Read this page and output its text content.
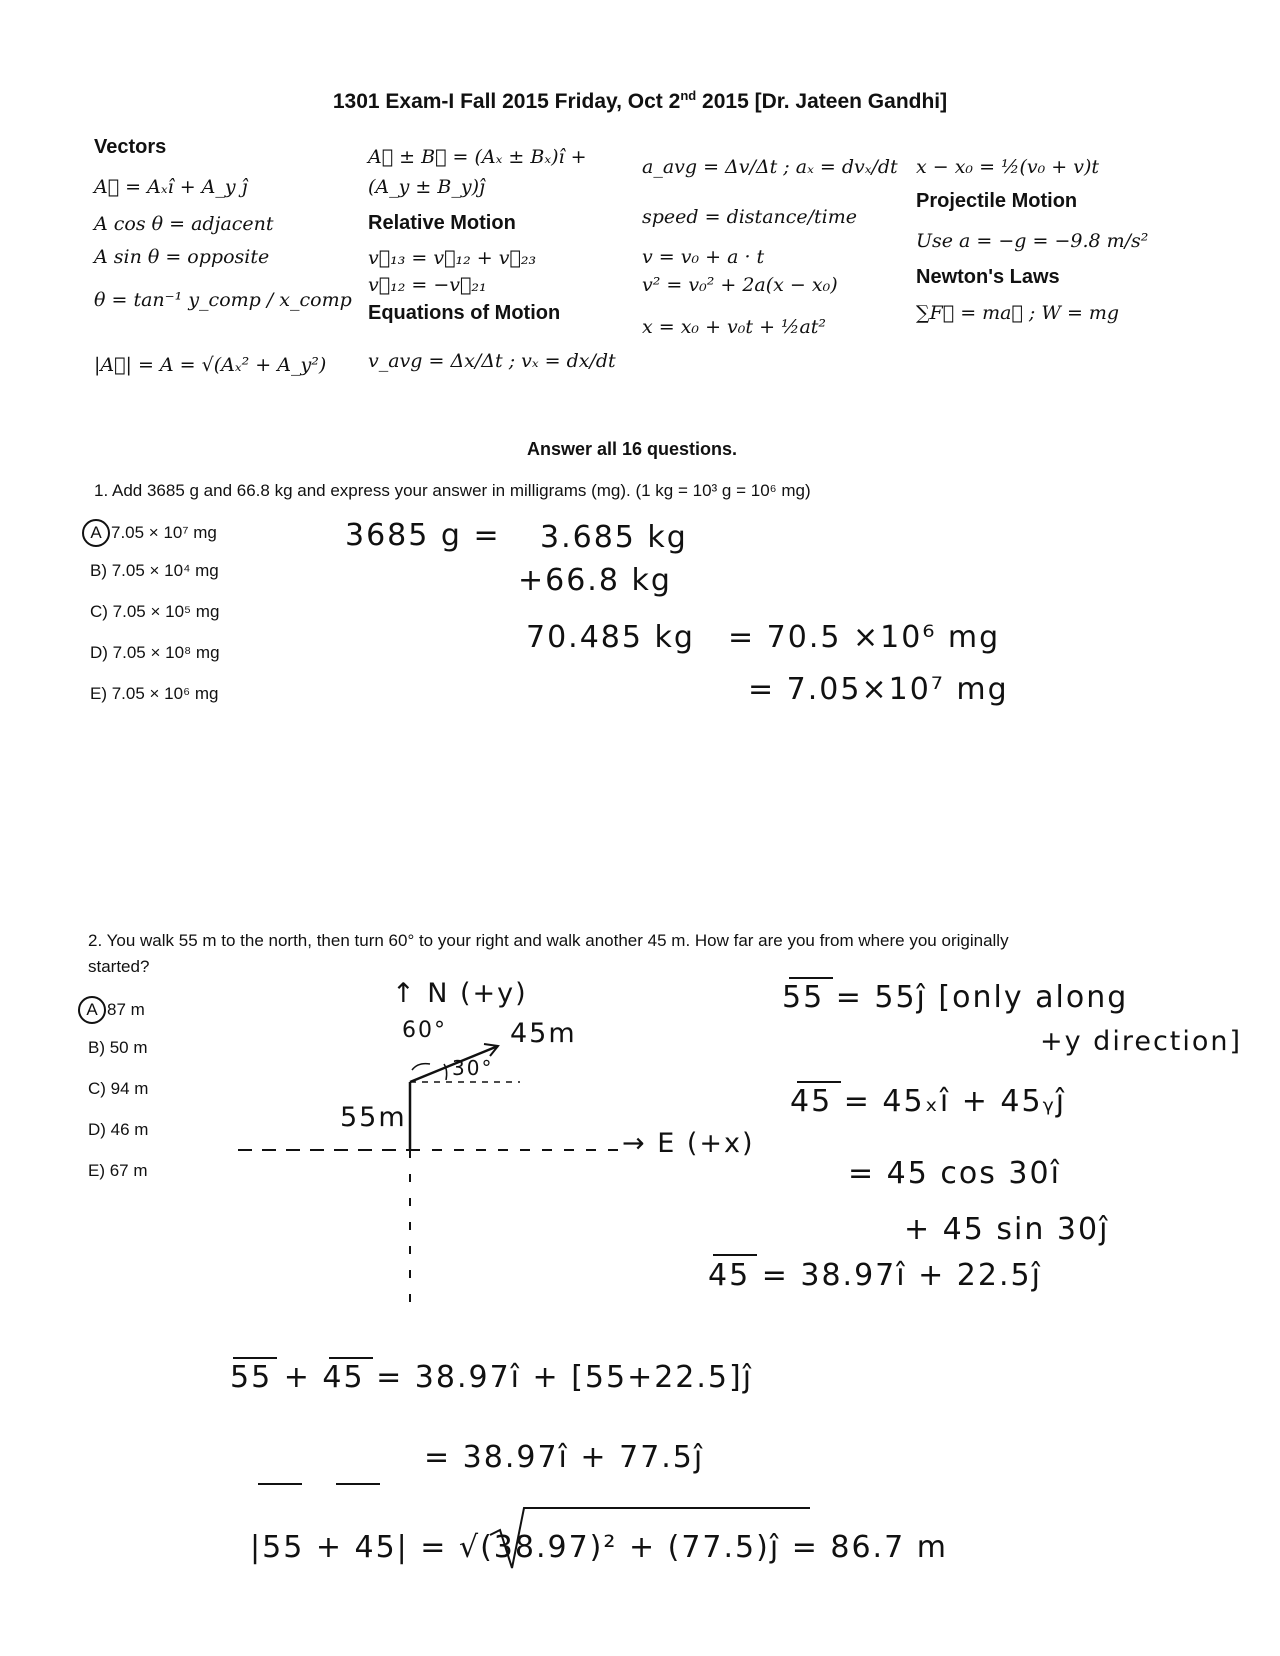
1301 Exam-I Fall 2015 Friday, Oct 2nd 2015 [Dr. Jateen Gandhi]
Vectors
A⃗ = Aₓî + A_y ĵ
A cos θ = adjacent
A sin θ = opposite
θ = tan⁻¹ y_comp / x_comp
|A⃗| = A = √(Aₓ² + A_y²)
A⃗ ± B⃗ = (Aₓ ± Bₓ)î +
(A_y ± B_y)ĵ
Relative Motion
v⃗₁₃ = v⃗₁₂ + v⃗₂₃
v⃗₁₂ = −v⃗₂₁
Equations of Motion
v_avg = Δx/Δt ; vₓ = dx/dt
a_avg = Δv/Δt ; aₓ = dvₓ/dt
speed = distance/time
v = v₀ + a · t
v² = v₀² + 2a(x − x₀)
x = x₀ + v₀t + ½at²
x − x₀ = ½(v₀ + v)t
Projectile Motion
Use a = −g = −9.8 m/s²
Newton's Laws
∑F⃗ = ma⃗ ; W = mg
Answer all 16 questions.
1. Add 3685 g and 66.8 kg and express your answer in milligrams (mg). (1 kg = 10³ g = 10⁶ mg)
A 7.05 × 10⁷ mg
B) 7.05 × 10⁴ mg
C) 7.05 × 10⁵ mg
D) 7.05 × 10⁸ mg
E) 7.05 × 10⁶ mg
3685 g = 3.685 kg
+66.8 kg
70.485 kg = 70.5 ×10⁶ mg
= 7.05×10⁷ mg
2. You walk 55 m to the north, then turn 60° to your right and walk another 45 m. How far are you from where you originally
started?
A 87 m
B) 50 m
C) 94 m
D) 46 m
E) 67 m
↑ N (+y)
60° 45m
30°
55m
→ E (+x)
55 = 55ĵ [only along
+y direction]
45 = 45ₓî + 45ᵧĵ
= 45 cos 30î
+ 45 sin 30ĵ
45 = 38.97î + 22.5ĵ
55 + 45 = 38.97î + [55+22.5]ĵ
= 38.97î + 77.5ĵ
|55 + 45| = √(38.97)² + (77.5)ĵ = 86.7 m
